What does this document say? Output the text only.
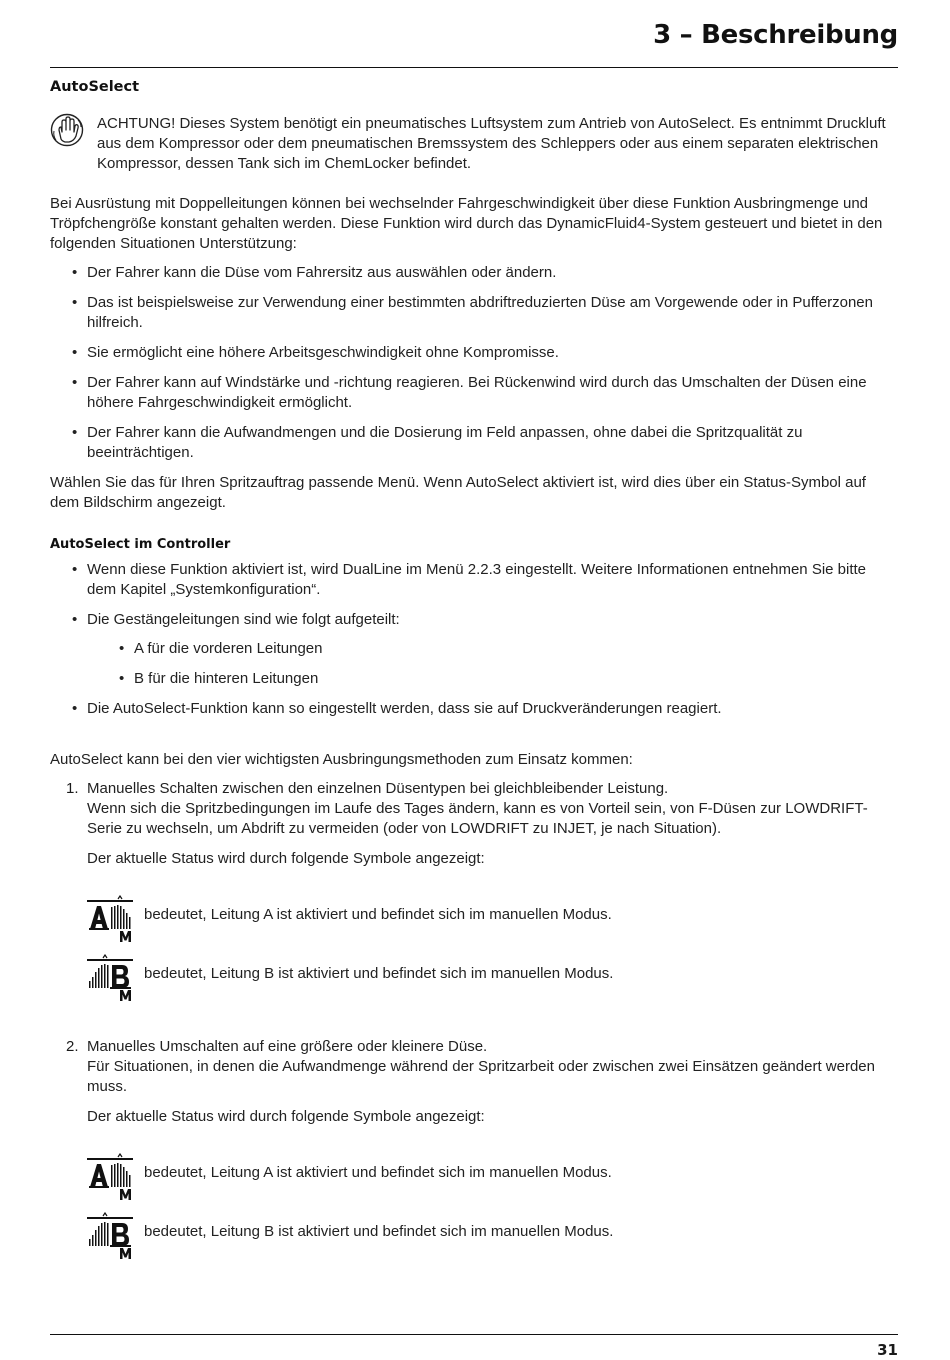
3 – Beschreibung
AutoSelect
ACHTUNG! Dieses System benötigt ein pneumatisches Luftsystem zum Antrieb von AutoSelect. Es entnimmt Druckluft aus dem Kompressor oder dem pneumatischen Bremssystem des Schleppers oder aus einem separaten elektrischen Kompressor, dessen Tank sich im ChemLocker befindet.
Bei Ausrüstung mit Doppelleitungen können bei wechselnder Fahrgeschwindigkeit über diese Funktion Ausbringmenge und Tröpfchengröße konstant gehalten werden. Diese Funktion wird durch das DynamicFluid4-System gesteuert und bietet in den folgenden Situationen Unterstützung:
• Der Fahrer kann die Düse vom Fahrersitz aus auswählen oder ändern.
• Das ist beispielsweise zur Verwendung einer bestimmten abdriftreduzierten Düse am Vorgewende oder in Pufferzonen hilfreich.
• Sie ermöglicht eine höhere Arbeitsgeschwindigkeit ohne Kompromisse.
• Der Fahrer kann auf Windstärke und -richtung reagieren. Bei Rückenwind wird durch das Umschalten der Düsen eine höhere Fahrgeschwindigkeit ermöglicht.
• Der Fahrer kann die Aufwandmengen und die Dosierung im Feld anpassen, ohne dabei die Spritzqualität zu beeinträchtigen.
Wählen Sie das für Ihren Spritzauftrag passende Menü. Wenn AutoSelect aktiviert ist, wird dies über ein Status-Symbol auf dem Bildschirm angezeigt.
AutoSelect im Controller
• Wenn diese Funktion aktiviert ist, wird DualLine im Menü 2.2.3 eingestellt. Weitere Informationen entnehmen Sie bitte dem Kapitel „Systemkonfiguration“.
• Die Gestängeleitungen sind wie folgt aufgeteilt:
• A für die vorderen Leitungen
• B für die hinteren Leitungen
• Die AutoSelect-Funktion kann so eingestellt werden, dass sie auf Druckveränderungen reagiert.
AutoSelect kann bei den vier wichtigsten Ausbringungsmethoden zum Einsatz kommen:
1. Manuelles Schalten zwischen den einzelnen Düsentypen bei gleichbleibender Leistung.
Wenn sich die Spritzbedingungen im Laufe des Tages ändern, kann es von Vorteil sein, von F-Düsen zur LOWDRIFT-Serie zu wechseln, um Abdrift zu vermeiden (oder von LOWDRIFT zu INJET, je nach Situation).
Der aktuelle Status wird durch folgende Symbole angezeigt:
bedeutet, Leitung A ist aktiviert und befindet sich im manuellen Modus.
bedeutet, Leitung B ist aktiviert und befindet sich im manuellen Modus.
2. Manuelles Umschalten auf eine größere oder kleinere Düse.
Für Situationen, in denen die Aufwandmenge während der Spritzarbeit oder zwischen zwei Einsätzen geändert werden muss.
Der aktuelle Status wird durch folgende Symbole angezeigt:
bedeutet, Leitung A ist aktiviert und befindet sich im manuellen Modus.
bedeutet, Leitung B ist aktiviert und befindet sich im manuellen Modus.
31
